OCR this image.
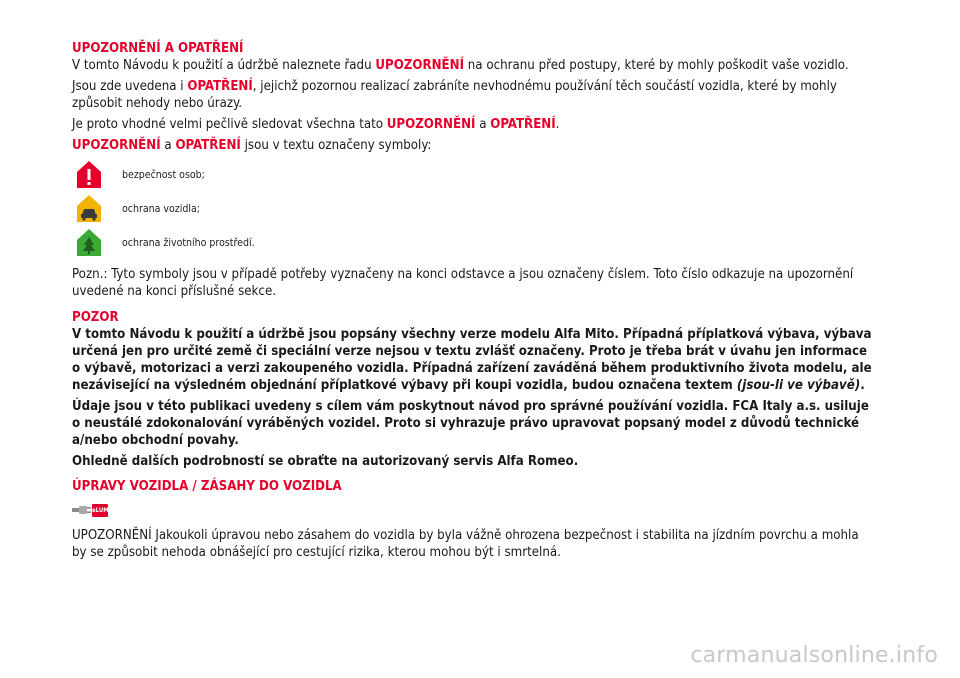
UPOZORNĚNÍ A OPATŘENÍ

V tomto Návodu k použití a údržbě naleznete řadu UPOZORNĚNÍ na ochranu před postupy, které by mohly poškodit vaše vozidlo.

Jsou zde uvedena i OPATŘENÍ, jejichž pozornou realizací zabráníte nevhodnému používání těch součástí vozidla, které by mohly způsobit nehody nebo úrazy.

Je proto vhodné velmi pečlivě sledovat všechna tato UPOZORNĚNÍ a OPATŘENÍ.

UPOZORNĚNÍ a OPATŘENÍ jsou v textu označeny symboly:

bezpečnost osob;
ochrana vozidla;
ochrana životního prostředí.

Pozn.: Tyto symboly jsou v případě potřeby vyznačeny na konci odstavce a jsou označeny číslem. Toto číslo odkazuje na upozornění uvedené na konci příslušné sekce.

POZOR

V tomto Návodu k použití a údržbě jsou popsány všechny verze modelu Alfa Mito. Případná příplatková výbava, výbava určená jen pro určité země či speciální verze nejsou v textu zvlášť označeny. Proto je třeba brát v úvahu jen informace o výbavě, motorizaci a verzi zakoupeného vozidla. Případná zařízení zaváděná během produktivního života modelu, ale nezávisející na výsledném objednání příplatkové výbavy při koupi vozidla, budou označena textem (jsou-li ve výbavě).

Údaje jsou v této publikaci uvedeny s cílem vám poskytnout návod pro správné používání vozidla. FCA Italy a.s. usiluje o neustálé zdokonalování vyráběných vozidel. Proto si vyhrazuje právo upravovat popsaný model z důvodů technické a/nebo obchodní povahy.

Ohledně dalších podrobností se obraťte na autorizovaný servis Alfa Romeo.

ÚPRAVY VOZIDLA / ZÁSAHY DO VOZIDLA
eLUM

UPOZORNĚNÍ Jakoukoli úpravou nebo zásahem do vozidla by byla vážně ohrozena bezpečnost i stabilita na jízdním povrchu a mohla by se způsobit nehoda obnášející pro cestující rizika, kterou mohou být i smrtelná.

carmanualsonline.info
